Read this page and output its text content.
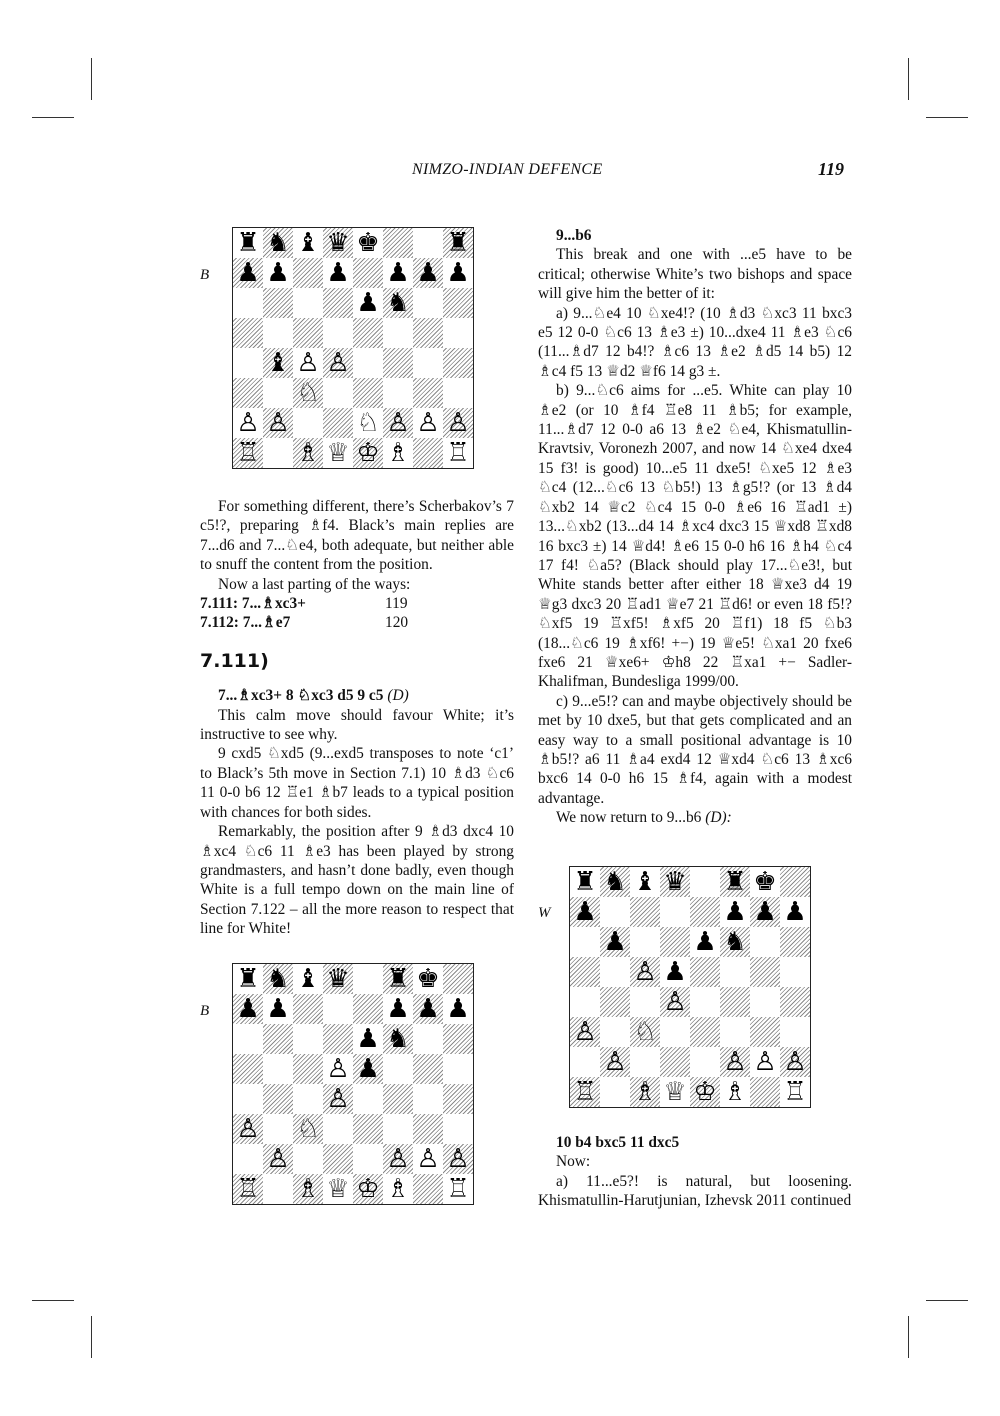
NIMZO-INDIAN DEFENCE	119
B
♜ ♞ ♝ ♛ ♚	♜
♟ ♟ ♟ ♟ ♟ ♟
♟ ♞
♝ ♙ ♙
♘
♙ ♙	♘ ♙ ♙ ♙
♖ ♗ ♕ ♔ ♗ ♖
B
♜ ♞ ♝ ♛ ♜ ♚
♟ ♟	♟ ♟ ♟
♟ ♞
♙ ♟
♙
♙ ♘
♙	♙ ♙ ♙
♖ ♗ ♕ ♔ ♗ ♖
W
♜ ♞ ♝ ♛ ♜ ♚
♟	♟ ♟ ♟
♟	♟ ♞
♙ ♟
♙
♙ ♘
♙	♙ ♙ ♙
♖ ♗ ♕ ♔ ♗ ♖

For something different, there’s Scherbakov’s 7 c5!?, preparing ♗f4. Black’s main replies are 7...d6 and 7...♘e4, both adequate, but neither able to snuff the content from the position.

Now a last parting of the ways:

7.111: 7...♗xc3+	119
7.112: 7...♗e7	120
7.111)

7...♗xc3+ 8 ♘xc3 d5 9 c5 (D)

This calm move should favour White; it’s instructive to see why.

9 cxd5 ♘xd5 (9...exd5 transposes to note ‘c1’ to Black’s 5th move in Section 7.1) 10 ♗d3 ♘c6 11 0-0 b6 12 ♖e1 ♗b7 leads to a typical position with chances for both sides.

Remarkably, the position after 9 ♗d3 dxc4 10 ♗xc4 ♘c6 11 ♗e3 has been played by strong grandmasters, and hasn’t done badly, even though White is a full tempo down on the main line of Section 7.122 – all the more reason to respect that line for White!

9...b6

This break and one with ...e5 have to be critical; otherwise White’s two bishops and space will give him the better of it:

a) 9...♘e4 10 ♘xe4!? (10 ♗d3 ♘xc3 11 bxc3 e5 12 0-0 ♘c6 13 ♗e3 ±) 10...dxe4 11 ♗e3 ♘c6 (11...♗d7 12 b4!? ♗c6 13 ♗e2 ♗d5 14 b5) 12 ♗c4 f5 13 ♕d2 ♕f6 14 g3 ±.

b) 9...♘c6 aims for ...e5. White can play 10 ♗e2 (or 10 ♗f4 ♖e8 11 ♗b5; for example, 11...♗d7 12 0-0 a6 13 ♗e2 ♘e4, Khismatullin-Kravtsiv, Voronezh 2007, and now 14 ♘xe4 dxe4 15 f3! is good) 10...e5 11 dxe5! ♘xe5 12 ♗e3 ♘c4 (12...♘c6 13 ♘b5!) 13 ♗g5!? (or 13 ♗d4 ♘xb2 14 ♕c2 ♘c4 15 0-0 ♗e6 16 ♖ad1 ±) 13...♘xb2 (13...d4 14 ♗xc4 dxc3 15 ♕xd8 ♖xd8 16 bxc3 ±) 14 ♕d4! ♗e6 15 0-0 h6 16 ♗h4 ♘c4 17 f4! ♘a5? (Black should play 17...♘e3!, but White stands better after either 18 ♕xe3 d4 19 ♕g3 dxc3 20 ♖ad1 ♕e7 21 ♖d6! or even 18 f5!? ♘xf5 19 ♖xf5! ♗xf5 20 ♖f1) 18 f5 ♘b3 (18...♘c6 19 ♗xf6! +−) 19 ♕e5! ♘xa1 20 fxe6 fxe6 21 ♕xe6+ ♔h8 22 ♖xa1 +− Sadler-Khalifman, Bundesliga 1999/00.

c) 9...e5!? can and maybe objectively should be met by 10 dxe5, but that gets complicated and an easy way to a small positional advantage is 10 ♗b5!? a6 11 ♗a4 exd4 12 ♕xd4 ♘c6 13 ♗xc6 bxc6 14 0-0 h6 15 ♗f4, again with a modest advantage.

We now return to 9...b6 (D):

10 b4 bxc5 11 dxc5

Now:

a) 11...e5?! is natural, but loosening. Khismatullin-Harutjunian, Izhevsk 2011 continued
